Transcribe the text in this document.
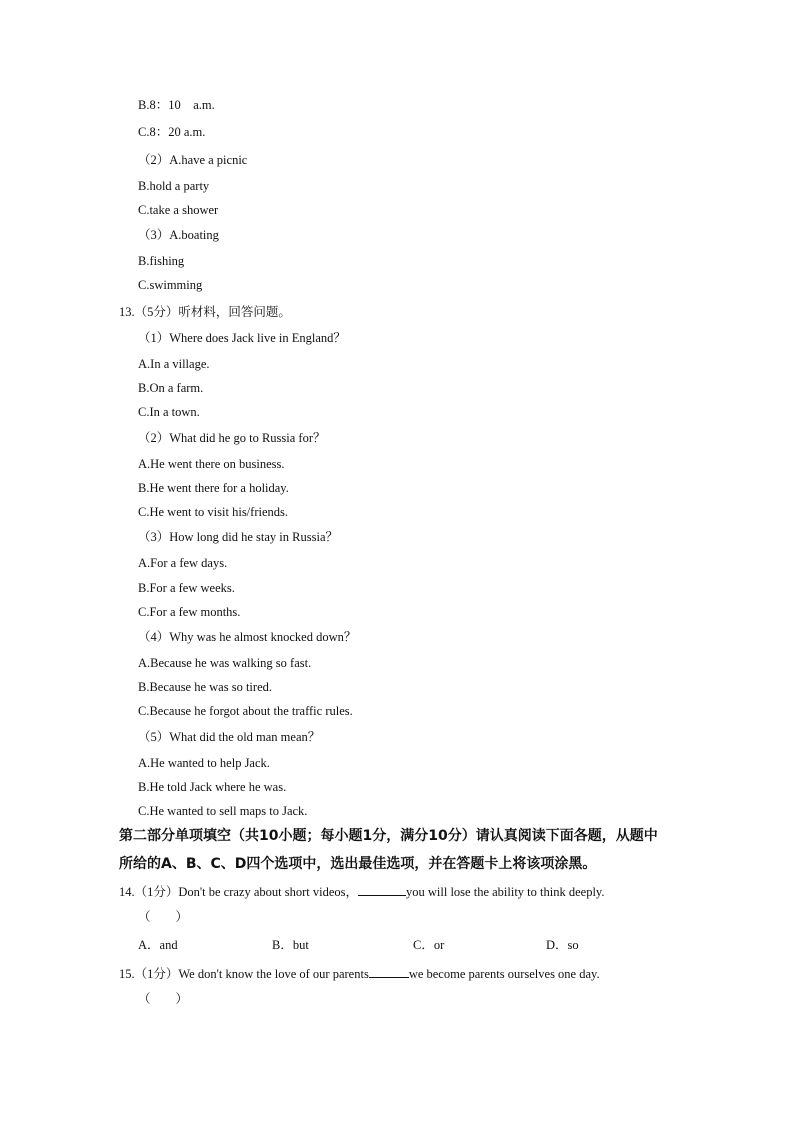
B.8：10　a.m.
C.8：20 a.m.
（2）A.have a picnic
B.hold a party
C.take a shower
（3）A.boating
B.fishing
C.swimming
13.（5分）听材料，回答问题。
（1）Where does Jack live in England？
A.In a village.
B.On a farm.
C.In a town.
（2）What did he go to Russia for？
A.He went there on business.
B.He went there for a holiday.
C.He went to visit his/friends.
（3）How long did he stay in Russia？
A.For a few days.
B.For a few weeks.
C.For a few months.
（4）Why was he almost knocked down？
A.Because he was walking so fast.
B.Because he was so tired.
C.Because he forgot about the traffic rules.
（5）What did the old man mean？
A.He wanted to help Jack.
B.He told Jack where he was.
C.He wanted to sell maps to Jack.
第二部分单项填空（共10小题；每小题1分，满分10分）请认真阅读下面各题，从题中
所给的A、B、C、D四个选项中，选出最佳选项，并在答题卡上将该项涂黑。
14.（1分）Don't be crazy about short videos，	you will lose the ability to think deeply.
（　　）
A．and	B．but	C．or	D．so
15.（1分）We don't know the love of our parents	we become parents ourselves one day.
（　　）
